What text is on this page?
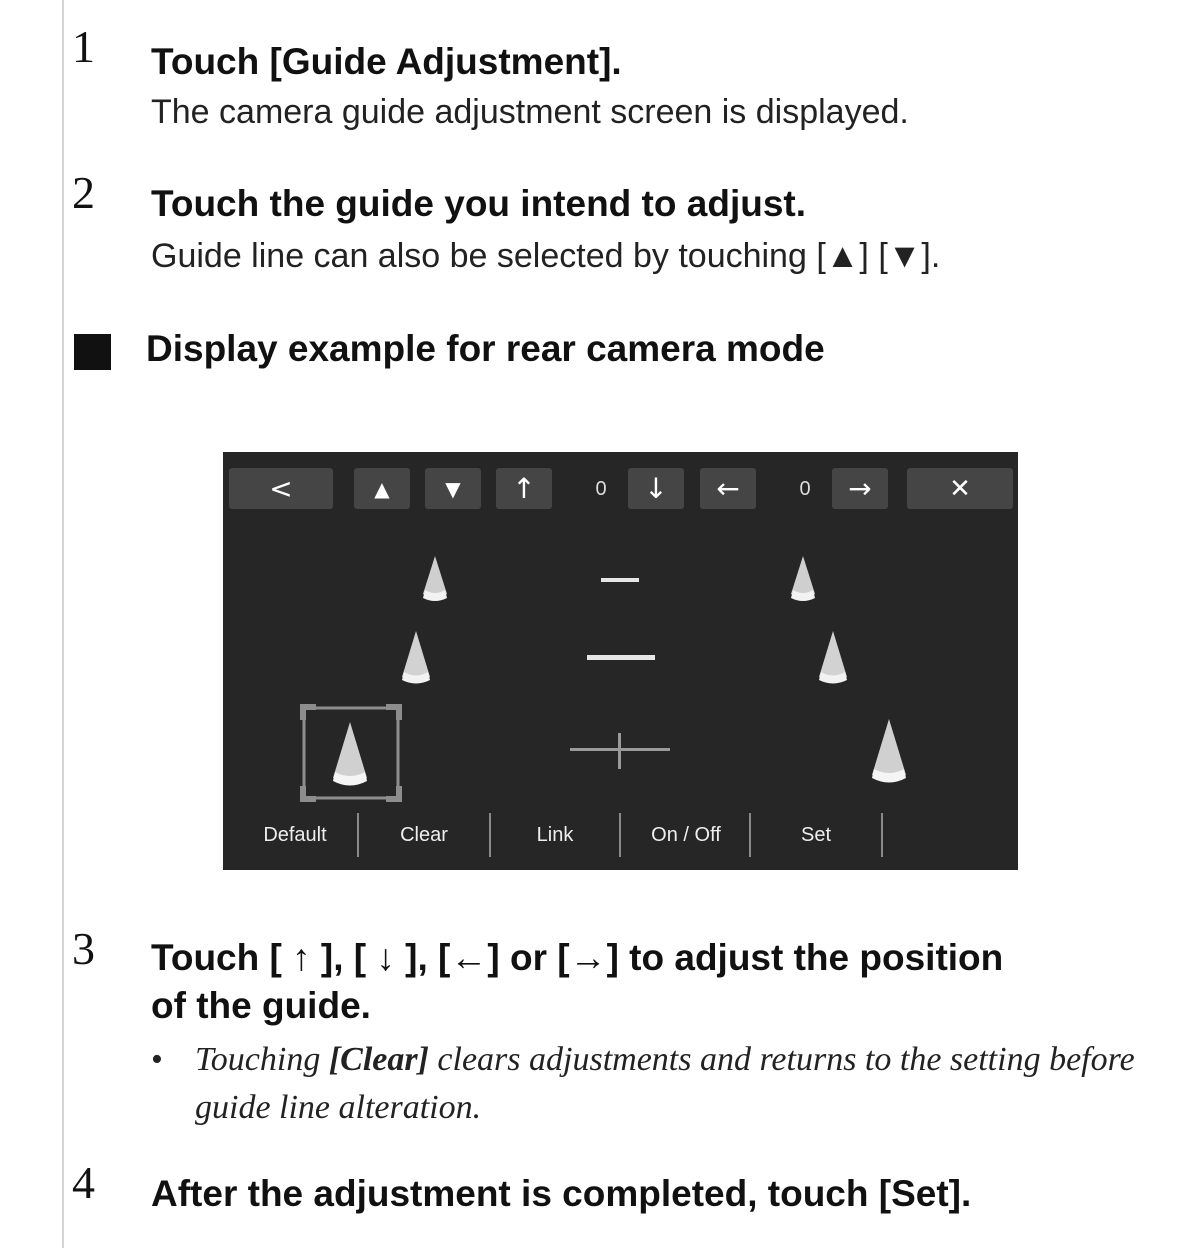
1 Touch [Guide Adjustment].
The camera guide adjustment screen is displayed.
2 Touch the guide you intend to adjust.
Guide line can also be selected by touching [▲] [▼].
Display example for rear camera mode
<	▲	▼	↑	0	↓	←	0	→	✕
Default	Clear	Link	On / Off	Set
3 Touch [ ↑ ], [ ↓ ], [←] or [→] to adjust the position
of the guide.
• Touching [Clear] clears adjustments and returns to the setting before guide line alteration.
4 After the adjustment is completed, touch [Set].
